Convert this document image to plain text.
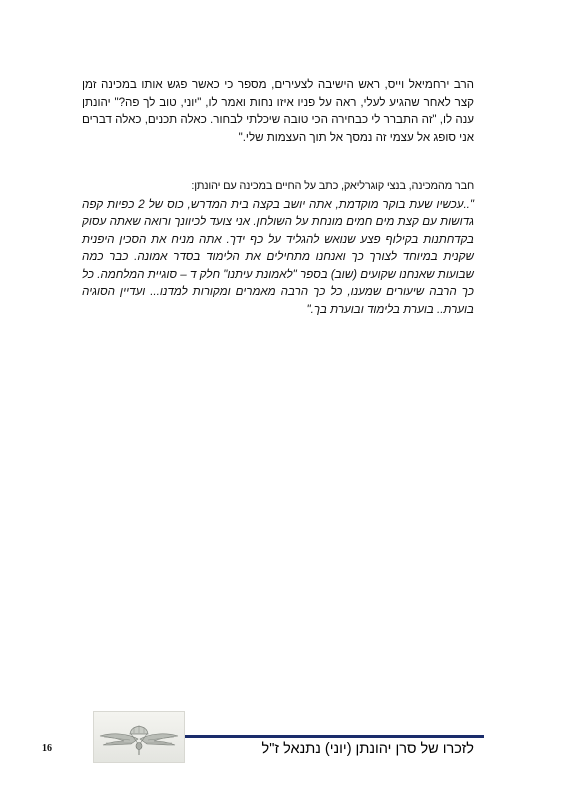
הרב ירחמיאל וייס, ראש הישיבה לצעירים, מספר כי כאשר פגש אותו במכינה זמן קצר לאחר שהגיע לעלי, ראה על פניו איזו נחות ואמר לו, "יוני, טוב לך פה?" יהונתן ענה לו, "זה התברר לי כבחירה הכי טובה שיכלתי לבחור. כאלה תכנים, כאלה דברים אני סופג אל עצמי זה נמסך אל תוך העצמות שלי."
חבר מהמכינה, בנצי קוגרליאק, כתב על החיים במכינה עם יהונתן:
"..עכשיו שעת בוקר מוקדמת, אתה יושב בקצה בית המדרש, כוס של 2 כפיות קפה גדושות עם קצת מים חמים מונחת על השולחן. אני צועד לכיוונך ורואה שאתה עסוק בקדחתנות בקילוף פצע שנואש להגליד על כף ידך. אתה מניח את הסכין היפנית שקנית במיוחד לצורך כך ואנחנו מתחילים את הלימוד בסדר אמונה. כבר כמה שבועות שאנחנו שקועים (שוב) בספר "לאמונת עיתנו" חלק ד – סוגיית המלחמה. כל כך הרבה שיעורים שמענו, כל כך הרבה מאמרים ומקורות למדנו... ועדיין הסוגיה בוערת.. בוערת בלימוד ובוערת בך."
לזכרו של סרן יהונתן (יוני) נתנאל ז"ל
16
